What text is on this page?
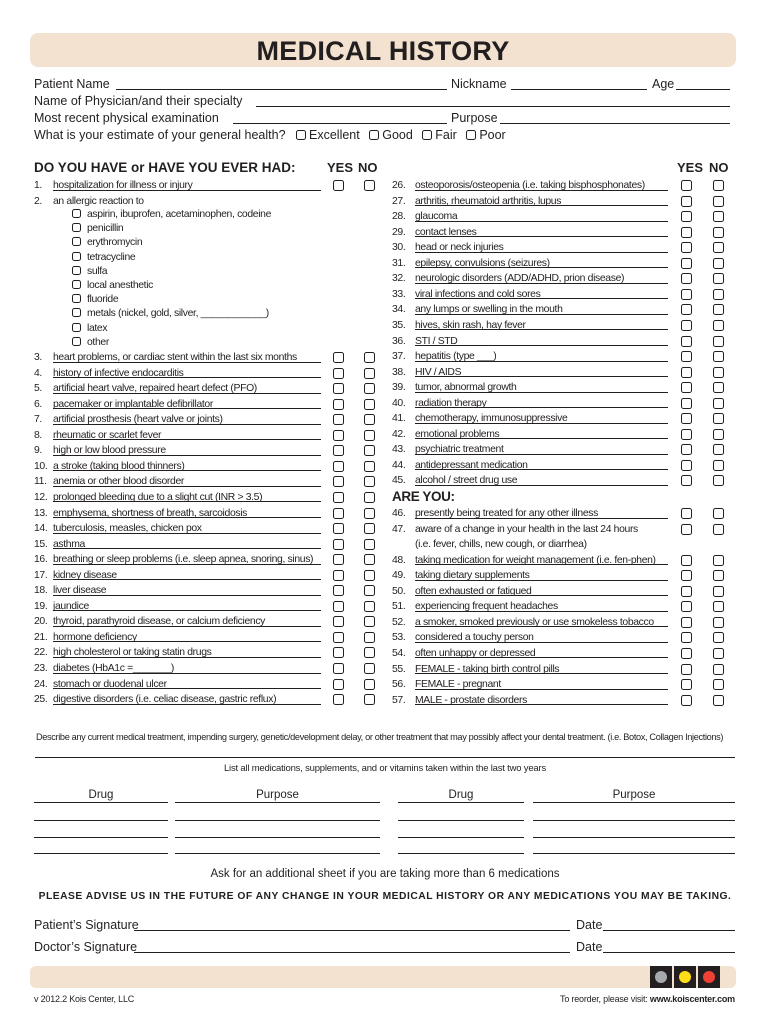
MEDICAL HISTORY
Patient Name	Nickname	Age
Name of Physician/and their specialty
Most recent physical examination	Purpose
What is your estimate of your general health?	Excellent Good Fair Poor
DO YOU HAVE or HAVE YOU EVER HAD: YES NO	YES NO
1.	hospitalization for illness or injury
2.	an allergic reaction to
3.	heart problems, or cardiac stent within the last six months
4.	history of infective endocarditis
5.	artificial heart valve, repaired heart defect (PFO)
6.	pacemaker or implantable defibrillator
7.	artificial prosthesis (heart valve or joints)
8.	rheumatic or scarlet fever
9.	high or low blood pressure
10. a stroke (taking blood thinners)
11. anemia or other blood disorder
12. prolonged bleeding due to a slight cut (INR > 3.5)
13. emphysema, shortness of breath, sarcoidosis
14. tuberculosis, measles, chicken pox
15. asthma
16. breathing or sleep problems (i.e. sleep apnea, snoring, sinus)
17. kidney disease
18. liver disease
19. jaundice
20. thyroid, parathyroid disease, or calcium deficiency
21. hormone deficiency
22. high cholesterol or taking statin drugs
23. diabetes (HbA1c =_______)
24. stomach or duodenal ulcer
25. digestive disorders (i.e. celiac disease, gastric reflux)
aspirin, ibuprofen, acetaminophen, codeine
penicillin
erythromycin
tetracycline
sulfa
local anesthetic
fluoride
metals (nickel, gold, silver, ____________)
latex
other
26. osteoporosis/osteopenia (i.e. taking bisphosphonates)
27. arthritis, rheumatoid arthritis, lupus
28. glaucoma
29. contact lenses
30. head or neck injuries
31. epilepsy, convulsions (seizures)
32. neurologic disorders (ADD/ADHD, prion disease)
33. viral infections and cold sores
34. any lumps or swelling in the mouth
35. hives, skin rash, hay fever
36. STI / STD
37. hepatitis (type ___)
38. HIV / AIDS
39. tumor, abnormal growth
40. radiation therapy
41. chemotherapy, immunosuppressive
42. emotional problems
43. psychiatric treatment
44. antidepressant medication
45. alcohol / street drug use
46. presently being treated for any other illness
47. aware of a change in your health in the last 24 hours
(i.e. fever, chills, new cough, or diarrhea)
48. taking medication for weight management (i.e. fen-phen)
49. taking dietary supplements
50. often exhausted or fatigued
51. experiencing frequent headaches
52. a smoker, smoked previously or use smokeless tobacco
53. considered a touchy person
54. often unhappy or depressed
55. FEMALE - taking birth control pills
56. FEMALE - pregnant
57. MALE - prostate disorders
ARE YOU:
Describe any current medical treatment, impending surgery, genetic/development delay, or other treatment that may possibly affect your dental treatment. (i.e. Botox, Collagen Injections)
List all medications, supplements, and or vitamins taken within the last two years
Drug	Purpose	Drug	Purpose
Ask for an additional sheet if you are taking more than 6 medications
PLEASE ADVISE US IN THE FUTURE OF ANY CHANGE IN YOUR MEDICAL HISTORY OR ANY MEDICATIONS YOU MAY BE TAKING.
Patient’s Signature	Date
Doctor’s Signature	Date
v 2012.2 Kois Center, LLC	To reorder, please visit: www.koiscenter.com
